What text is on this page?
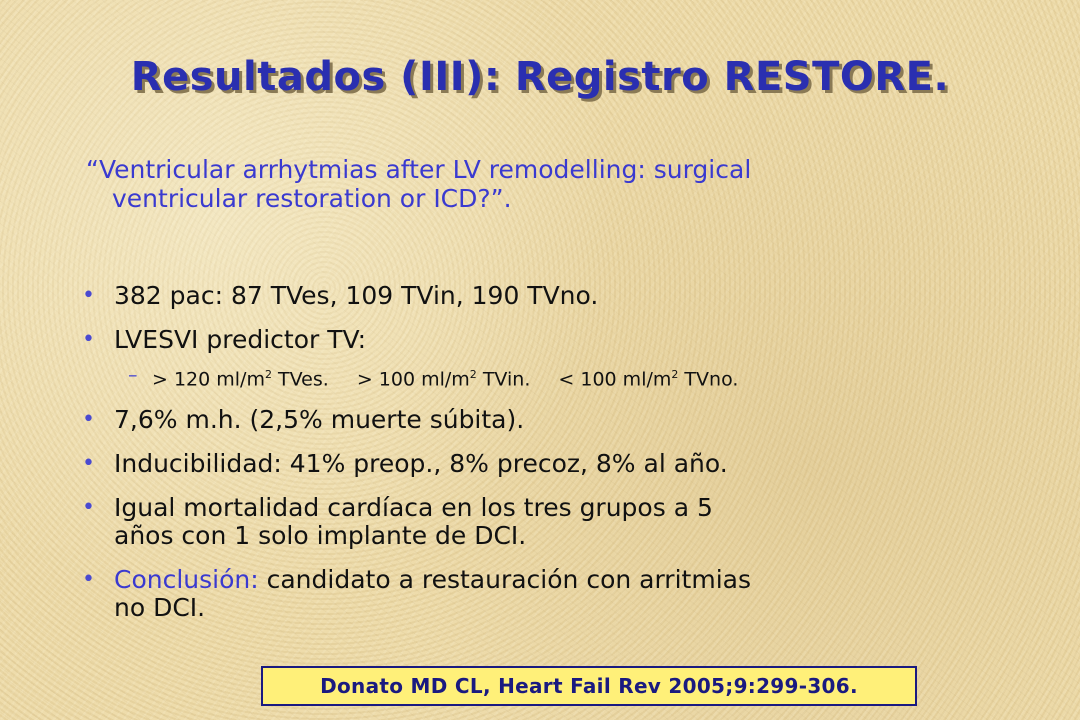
Resultados (III): Registro RESTORE.
“Ventricular arrhytmias after LV remodelling: surgical
ventricular restoration or ICD?”.
• 382 pac: 87 TVes, 109 TVin, 190 TVno.
• LVESVI predictor TV:
– > 120 $ml/m^2$ TVes. > 100 $ml/m^2$ TVin. < 100 $ml/m^2$ TVno.
• 7,6% m.h. (2,5% muerte súbita).
• Inducibilidad: 41% preop., 8% precoz, 8% al año.
• Igual mortalidad cardíaca en los tres grupos a 5
años con 1 solo implante de DCI.
• Conclusión: candidato a restauración con arritmias
no DCI.
Donato MD CL, Heart Fail Rev 2005;9:299-306.
